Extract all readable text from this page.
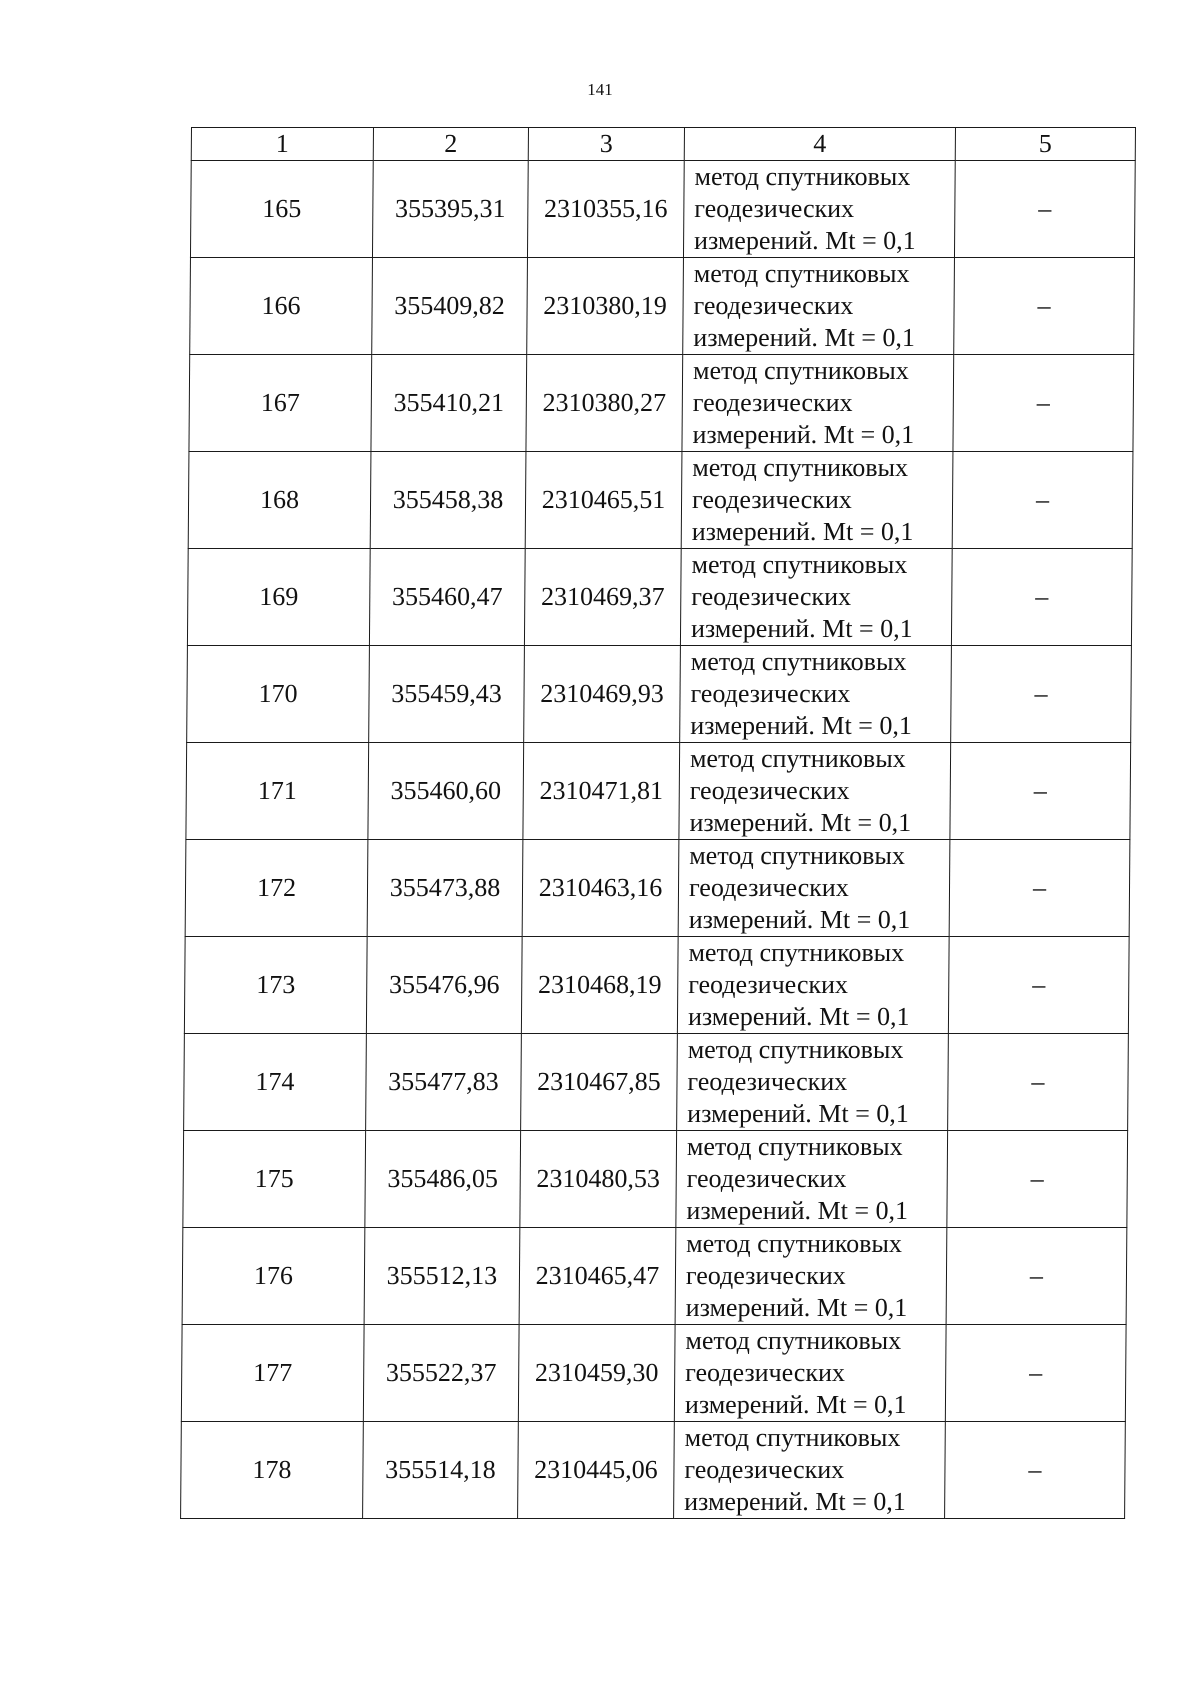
141
1	2	3	4	5
165	355395,31	2310355,16	метод спутниковых
геодезических
измерений. Mt = 0,1	–
166	355409,82	2310380,19	метод спутниковых
геодезических
измерений. Mt = 0,1	–
167	355410,21	2310380,27	метод спутниковых
геодезических
измерений. Mt = 0,1	–
168	355458,38	2310465,51	метод спутниковых
геодезических
измерений. Mt = 0,1	–
169	355460,47	2310469,37	метод спутниковых
геодезических
измерений. Mt = 0,1	–
170	355459,43	2310469,93	метод спутниковых
геодезических
измерений. Mt = 0,1	–
171	355460,60	2310471,81	метод спутниковых
геодезических
измерений. Mt = 0,1	–
172	355473,88	2310463,16	метод спутниковых
геодезических
измерений. Mt = 0,1	–
173	355476,96	2310468,19	метод спутниковых
геодезических
измерений. Mt = 0,1	–
174	355477,83	2310467,85	метод спутниковых
геодезических
измерений. Mt = 0,1	–
175	355486,05	2310480,53	метод спутниковых
геодезических
измерений. Mt = 0,1	–
176	355512,13	2310465,47	метод спутниковых
геодезических
измерений. Mt = 0,1	–
177	355522,37	2310459,30	метод спутниковых
геодезических
измерений. Mt = 0,1	–
178	355514,18	2310445,06	метод спутниковых
геодезических
измерений. Mt = 0,1	–
